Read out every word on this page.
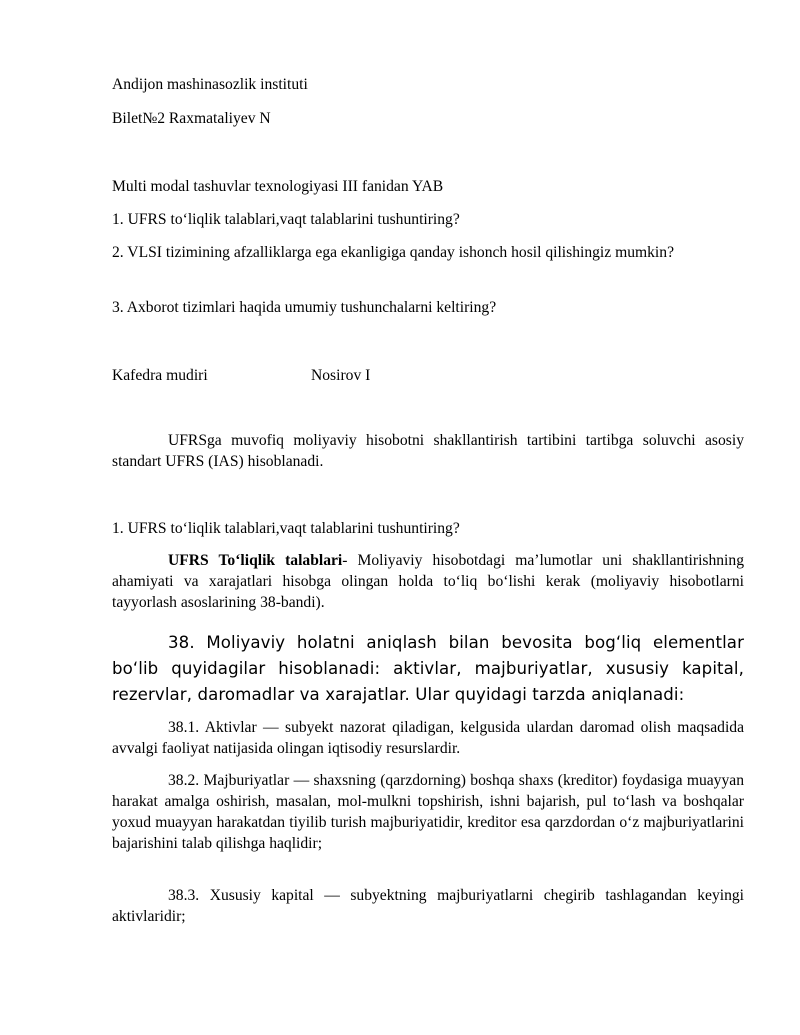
Andijon mashinasozlik instituti
Bilet№2 Raxmataliyev N
Multi modal tashuvlar texnologiyasi III fanidan YAB
1. UFRS to‘liqlik talablari,vaqt talablarini tushuntiring?
2. VLSI tizimining afzalliklarga ega ekanligiga qanday ishonch hosil qilishingiz mumkin?
3. Axborot tizimlari haqida umumiy tushunchalarni keltiring?
Kafedra mudiri	Nosirov I
UFRSga muvofiq moliyaviy hisobotni shakllantirish tartibini tartibga soluvchi asosiy standart UFRS (IAS) hisoblanadi.
1. UFRS to‘liqlik talablari,vaqt talablarini tushuntiring?
UFRS To‘liqlik talablari- Moliyaviy hisobotdagi ma’lumotlar uni shakllantirishning ahamiyati va xarajatlari hisobga olingan holda to‘liq bo‘lishi kerak (moliyaviy hisobotlarni tayyorlash asoslarining 38-bandi).
38. Moliyaviy holatni aniqlash bilan bevosita bog‘liq elementlar bo‘lib quyidagilar hisoblanadi: aktivlar, majburiyatlar, xususiy kapital, rezervlar, daromadlar va xarajatlar. Ular quyidagi tarzda aniqlanadi:
38.1. Aktivlar — subyekt nazorat qiladigan, kelgusida ulardan daromad olish maqsadida avvalgi faoliyat natijasida olingan iqtisodiy resurslardir.
38.2. Majburiyatlar — shaxsning (qarzdorning) boshqa shaxs (kreditor) foydasiga muayyan harakat amalga oshirish, masalan, mol-mulkni topshirish, ishni bajarish, pul to‘lash va boshqalar yoxud muayyan harakatdan tiyilib turish majburiyatidir, kreditor esa qarzdordan o‘z majburiyatlarini bajarishini talab qilishga haqlidir;
38.3. Xususiy kapital — subyektning majburiyatlarni chegirib tashlagandan keyingi aktivlaridir;
